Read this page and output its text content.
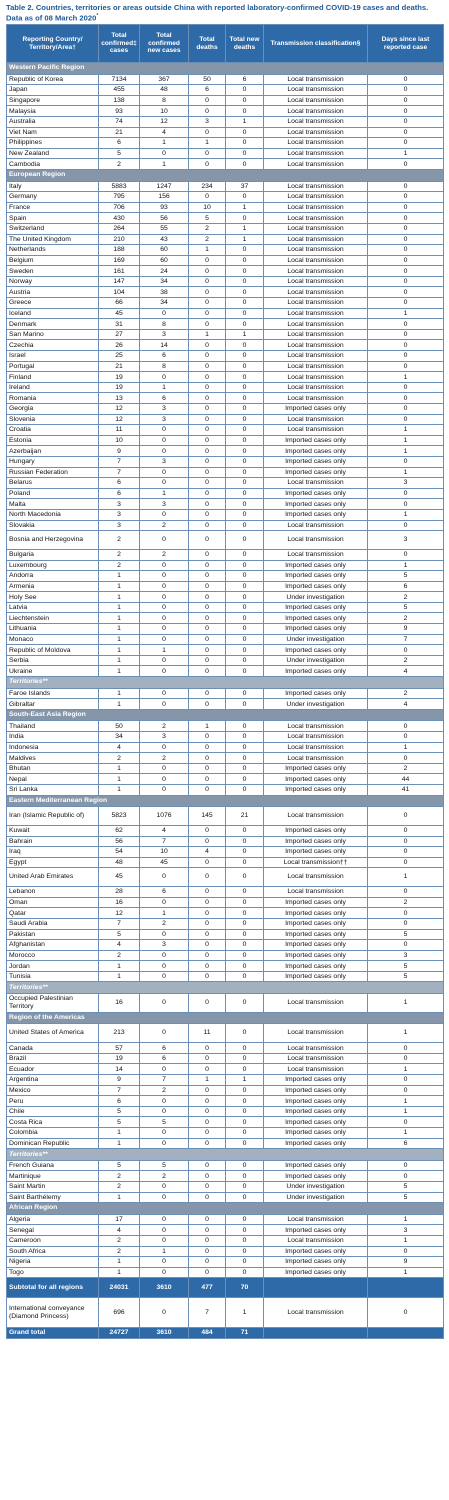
Table 2. Countries, territories or areas outside China with reported laboratory-confirmed COVID-19 cases and deaths. Data as of 08 March 2020*
Reporting Country/ Territory/Area†	Total confirmed‡ cases	Total confirmed new cases	Total deaths	Total new deaths	Transmission classification§	Days since last reported case
Western Pacific Region						
Republic of Korea	7134	367	50	6	Local transmission	0
Japan	455	48	6	0	Local transmission	0
Singapore	138	8	0	0	Local transmission	0
Malaysia	93	10	0	0	Local transmission	0
Australia	74	12	3	1	Local transmission	0
Viet Nam	21	4	0	0	Local transmission	0
Philippines	6	1	1	0	Local transmission	0
New Zealand	5	0	0	0	Local transmission	1
Cambodia	2	1	0	0	Local transmission	0
European Region						
Italy	5883	1247	234	37	Local transmission	0
Germany	795	156	0	0	Local transmission	0
France	706	93	10	1	Local transmission	0
Spain	430	56	5	0	Local transmission	0
Switzerland	264	55	2	1	Local transmission	0
The United Kingdom	210	43	2	1	Local transmission	0
Netherlands	188	60	1	0	Local transmission	0
Belgium	169	60	0	0	Local transmission	0
Sweden	161	24	0	0	Local transmission	0
Norway	147	34	0	0	Local transmission	0
Austria	104	38	0	0	Local transmission	0
Greece	66	34	0	0	Local transmission	0
Iceland	45	0	0	0	Local transmission	1
Denmark	31	8	0	0	Local transmission	0
San Marino	27	3	1	1	Local transmission	0
Czechia	26	14	0	0	Local transmission	0
Israel	25	6	0	0	Local transmission	0
Portugal	21	8	0	0	Local transmission	0
Finland	19	0	0	0	Local transmission	1
Ireland	19	1	0	0	Local transmission	0
Romania	13	6	0	0	Local transmission	0
Georgia	12	3	0	0	Imported cases only	0
Slovenia	12	3	0	0	Local transmission	0
Croatia	11	0	0	0	Local transmission	1
Estonia	10	0	0	0	Imported cases only	1
Azerbaijan	9	0	0	0	Imported cases only	1
Hungary	7	3	0	0	Imported cases only	0
Russian Federation	7	0	0	0	Imported cases only	1
Belarus	6	0	0	0	Local transmission	3
Poland	6	1	0	0	Imported cases only	0
Malta	3	3	0	0	Imported cases only	0
North Macedonia	3	0	0	0	Imported cases only	1
Slovakia	3	2	0	0	Local transmission	0
Bosnia and Herzegovina	2	0	0	0	Local transmission	3
Bulgaria	2	2	0	0	Local transmission	0
Luxembourg	2	0	0	0	Imported cases only	1
Andorra	1	0	0	0	Imported cases only	5
Armenia	1	0	0	0	Imported cases only	6
Holy See	1	0	0	0	Under investigation	2
Latvia	1	0	0	0	Imported cases only	5
Liechtenstein	1	0	0	0	Imported cases only	2
Lithuania	1	0	0	0	Imported cases only	9
Monaco	1	0	0	0	Under investigation	7
Republic of Moldova	1	1	0	0	Imported cases only	0
Serbia	1	0	0	0	Under investigation	2
Ukraine	1	0	0	0	Imported cases only	4
Territories**						
Faroe Islands	1	0	0	0	Imported cases only	2
Gibraltar	1	0	0	0	Under investigation	4
South-East Asia Region						
Thailand	50	2	1	0	Local transmission	0
India	34	3	0	0	Local transmission	0
Indonesia	4	0	0	0	Local transmission	1
Maldives	2	2	0	0	Local transmission	0
Bhutan	1	0	0	0	Imported cases only	2
Nepal	1	0	0	0	Imported cases only	44
Sri Lanka	1	0	0	0	Imported cases only	41
Eastern Mediterranean Region						
Iran (Islamic Republic of)	5823	1076	145	21	Local transmission	0
Kuwait	62	4	0	0	Imported cases only	0
Bahrain	56	7	0	0	Imported cases only	0
Iraq	54	10	4	0	Imported cases only	0
Egypt	48	45	0	0	Local transmission††	0
United Arab Emirates	45	0	0	0	Local transmission	1
Lebanon	28	6	0	0	Local transmission	0
Oman	16	0	0	0	Imported cases only	2
Qatar	12	1	0	0	Imported cases only	0
Saudi Arabia	7	2	0	0	Imported cases only	0
Pakistan	5	0	0	0	Imported cases only	5
Afghanistan	4	3	0	0	Imported cases only	0
Morocco	2	0	0	0	Imported cases only	3
Jordan	1	0	0	0	Imported cases only	5
Tunisia	1	0	0	0	Imported cases only	5
Territories**						
Occupied Palestinian Territory	16	0	0	0	Local transmission	1
Region of the Americas						
United States of America	213	0	11	0	Local transmission	1
Canada	57	6	0	0	Local transmission	0
Brazil	19	6	0	0	Local transmission	0
Ecuador	14	0	0	0	Local transmission	1
Argentina	9	7	1	1	Imported cases only	0
Mexico	7	2	0	0	Imported cases only	0
Peru	6	0	0	0	Imported cases only	1
Chile	5	0	0	0	Imported cases only	1
Costa Rica	5	5	0	0	Imported cases only	0
Colombia	1	0	0	0	Imported cases only	1
Dominican Republic	1	0	0	0	Imported cases only	6
Territories**						
French Guiana	5	5	0	0	Imported cases only	0
Martinique	2	2	0	0	Imported cases only	0
Saint Martin	2	0	0	0	Under investigation	5
Saint Barthélemy	1	0	0	0	Under investigation	5
African Region						
Algeria	17	0	0	0	Local transmission	1
Senegal	4	0	0	0	Imported cases only	3
Cameroon	2	0	0	0	Local transmission	1
South Africa	2	1	0	0	Imported cases only	0
Nigeria	1	0	0	0	Imported cases only	9
Togo	1	0	0	0	Imported cases only	1
Subtotal for all regions	24031	3610	477	70		
International conveyance (Diamond Princess)	696	0	7	1	Local transmission	0
Grand total	24727	3610	484	71		
